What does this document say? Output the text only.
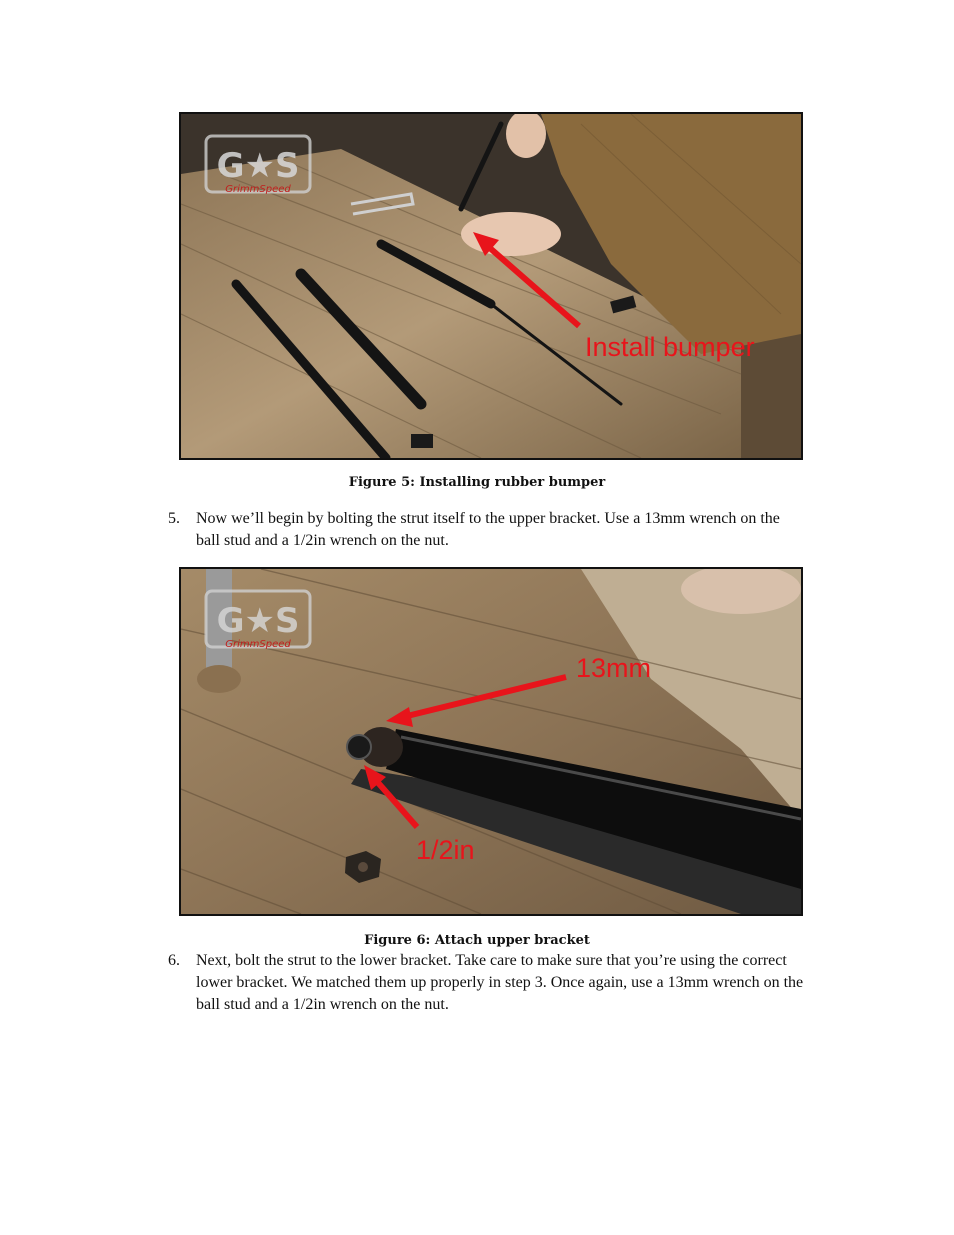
G★S
GrimmSpeed
Install bumper
Figure 5: Installing rubber bumper
5.	Now we’ll begin by bolting the strut itself to the upper bracket. Use a 13mm wrench on the ball stud and a 1/2in wrench on the nut.
G★S
GrimmSpeed
13mm
1/2in
Figure 6: Attach upper bracket
6.	Next, bolt the strut to the lower bracket. Take care to make sure that you’re using the correct lower bracket. We matched them up properly in step 3. Once again, use a 13mm wrench on the ball stud and a 1/2in wrench on the nut.
